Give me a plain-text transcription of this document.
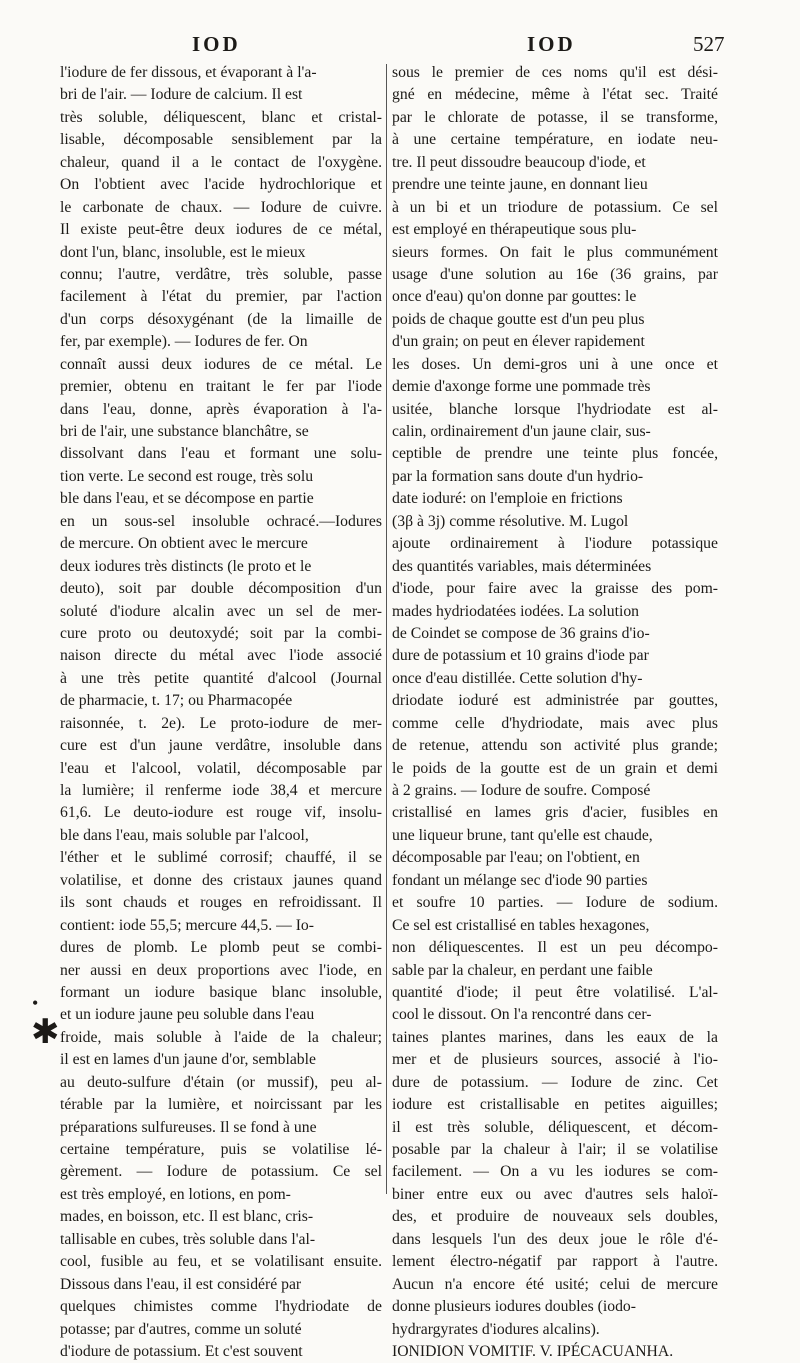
IOD	IOD	527
•
✱
l'iodure de fer dissous, et évaporant à l'a-
bri de l'air. — Iodure de calcium. Il est
très soluble, déliquescent, blanc et cristal-
lisable, décomposable sensiblement par la
chaleur, quand il a le contact de l'oxygène.
On l'obtient avec l'acide hydrochlorique et
le carbonate de chaux. — Iodure de cuivre.
Il existe peut-être deux iodures de ce métal,
dont l'un, blanc, insoluble, est le mieux
connu; l'autre, verdâtre, très soluble, passe
facilement à l'état du premier, par l'action
d'un corps désoxygénant (de la limaille de
fer, par exemple). — Iodures de fer. On
connaît aussi deux iodures de ce métal. Le
premier, obtenu en traitant le fer par l'iode
dans l'eau, donne, après évaporation à l'a-
bri de l'air, une substance blanchâtre, se
dissolvant dans l'eau et formant une solu-
tion verte. Le second est rouge, très solu
ble dans l'eau, et se décompose en partie
en un sous-sel insoluble ochracé.—Iodures
de mercure. On obtient avec le mercure
deux iodures très distincts (le proto et le
deuto), soit par double décomposition d'un
soluté d'iodure alcalin avec un sel de mer-
cure proto ou deutoxydé; soit par la combi-
naison directe du métal avec l'iode associé
à une très petite quantité d'alcool (Journal
de pharmacie, t. 17; ou Pharmacopée
raisonnée, t. 2e). Le proto-iodure de mer-
cure est d'un jaune verdâtre, insoluble dans
l'eau et l'alcool, volatil, décomposable par
la lumière; il renferme iode 38,4 et mercure
61,6. Le deuto-iodure est rouge vif, insolu-
ble dans l'eau, mais soluble par l'alcool,
l'éther et le sublimé corrosif; chauffé, il se
volatilise, et donne des cristaux jaunes quand
ils sont chauds et rouges en refroidissant. Il
contient: iode 55,5; mercure 44,5. — Io-
dures de plomb. Le plomb peut se combi-
ner aussi en deux proportions avec l'iode, en
formant un iodure basique blanc insoluble,
et un iodure jaune peu soluble dans l'eau
froide, mais soluble à l'aide de la chaleur;
il est en lames d'un jaune d'or, semblable
au deuto-sulfure d'étain (or mussif), peu al-
térable par la lumière, et noircissant par les
préparations sulfureuses. Il se fond à une
certaine température, puis se volatilise lé-
gèrement. — Iodure de potassium. Ce sel
est très employé, en lotions, en pom-
mades, en boisson, etc. Il est blanc, cris-
tallisable en cubes, très soluble dans l'al-
cool, fusible au feu, et se volatilisant ensuite.
Dissous dans l'eau, il est considéré par
quelques chimistes comme l'hydriodate de
potasse; par d'autres, comme un soluté
d'iodure de potassium. Et c'est souvent
sous le premier de ces noms qu'il est dési-
gné en médecine, même à l'état sec. Traité
par le chlorate de potasse, il se transforme,
à une certaine température, en iodate neu-
tre. Il peut dissoudre beaucoup d'iode, et
prendre une teinte jaune, en donnant lieu
à un bi et un triodure de potassium. Ce sel
est employé en thérapeutique sous plu-
sieurs formes. On fait le plus communément
usage d'une solution au 16e (36 grains, par
once d'eau) qu'on donne par gouttes: le
poids de chaque goutte est d'un peu plus
d'un grain; on peut en élever rapidement
les doses. Un demi-gros uni à une once et
demie d'axonge forme une pommade très
usitée, blanche lorsque l'hydriodate est al-
calin, ordinairement d'un jaune clair, sus-
ceptible de prendre une teinte plus foncée,
par la formation sans doute d'un hydrio-
date ioduré: on l'emploie en frictions
(3β à 3j) comme résolutive. M. Lugol
ajoute ordinairement à l'iodure potassique
des quantités variables, mais déterminées
d'iode, pour faire avec la graisse des pom-
mades hydriodatées iodées. La solution
de Coindet se compose de 36 grains d'io-
dure de potassium et 10 grains d'iode par
once d'eau distillée. Cette solution d'hy-
driodate ioduré est administrée par gouttes,
comme celle d'hydriodate, mais avec plus
de retenue, attendu son activité plus grande;
le poids de la goutte est de un grain et demi
à 2 grains. — Iodure de soufre. Composé
cristallisé en lames gris d'acier, fusibles en
une liqueur brune, tant qu'elle est chaude,
décomposable par l'eau; on l'obtient, en
fondant un mélange sec d'iode 90 parties
et soufre 10 parties. — Iodure de sodium.
Ce sel est cristallisé en tables hexagones,
non déliquescentes. Il est un peu décompo-
sable par la chaleur, en perdant une faible
quantité d'iode; il peut être volatilisé. L'al-
cool le dissout. On l'a rencontré dans cer-
taines plantes marines, dans les eaux de la
mer et de plusieurs sources, associé à l'io-
dure de potassium. — Iodure de zinc. Cet
iodure est cristallisable en petites aiguilles;
il est très soluble, déliquescent, et décom-
posable par la chaleur à l'air; il se volatilise
facilement. — On a vu les iodures se com-
biner entre eux ou avec d'autres sels haloï-
des, et produire de nouveaux sels doubles,
dans lesquels l'un des deux joue le rôle d'é-
lement électro-négatif par rapport à l'autre.
Aucun n'a encore été usité; celui de mercure
donne plusieurs iodures doubles (iodo-
hydrargyrates d'iodures alcalins).
IONIDION VOMITIF. V. IPÉCACUANHA.
